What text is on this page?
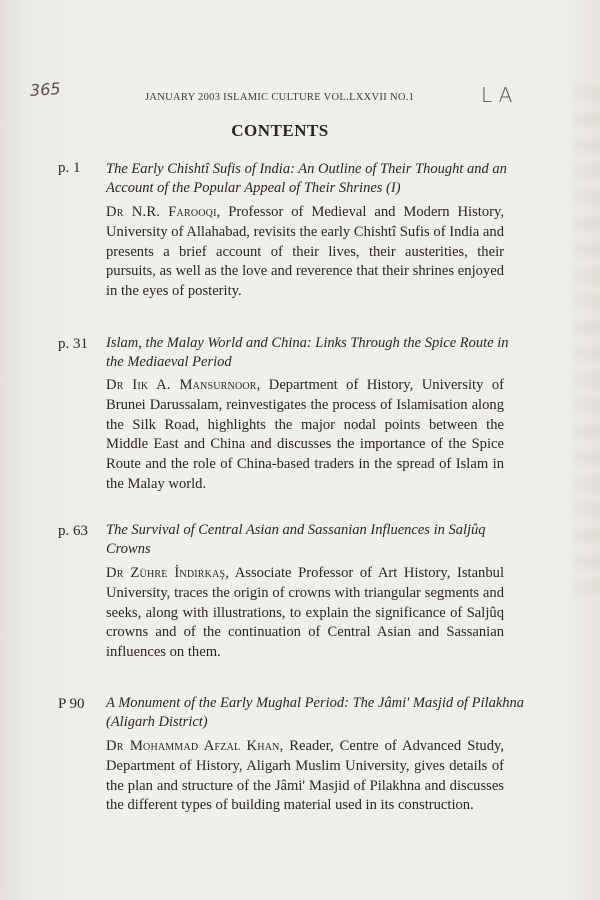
365	LA
JANUARY 2003 ISLAMIC CULTURE VOL.LXXVII NO.1
CONTENTS
p. 1 The Early Chishtî Sufis of India: An Outline of Their Thought and an Account of the Popular Appeal of Their Shrines (I)
Dr N.R. Farooqi, Professor of Medieval and Modern History, University of Allahabad, revisits the early Chishtî Sufis of India and presents a brief account of their lives, their austerities, their pursuits, as well as the love and reverence that their shrines enjoyed in the eyes of posterity.
p. 31 Islam, the Malay World and China: Links Through the Spice Route in the Mediaeval Period
Dr Iik A. Mansurnoor, Department of History, University of Brunei Darussalam, reinvestigates the process of Islamisation along the Silk Road, highlights the major nodal points between the Middle East and China and discusses the importance of the Spice Route and the role of China-based traders in the spread of Islam in the Malay world.
p. 63 The Survival of Central Asian and Sassanian Influences in Saljûq Crowns
Dr Zühre İndirkaş, Associate Professor of Art History, Istanbul University, traces the origin of crowns with triangular segments and seeks, along with illustrations, to explain the significance of Saljûq crowns and of the continuation of Central Asian and Sassanian influences on them.
P 90 A Monument of the Early Mughal Period: The Jâmi' Masjid of Pilakhna (Aligarh District)
Dr Mohammad Afzal Khan, Reader, Centre of Advanced Study, Department of History, Aligarh Muslim University, gives details of the plan and structure of the Jâmi' Masjid of Pilakhna and discusses the different types of building material used in its construction.
